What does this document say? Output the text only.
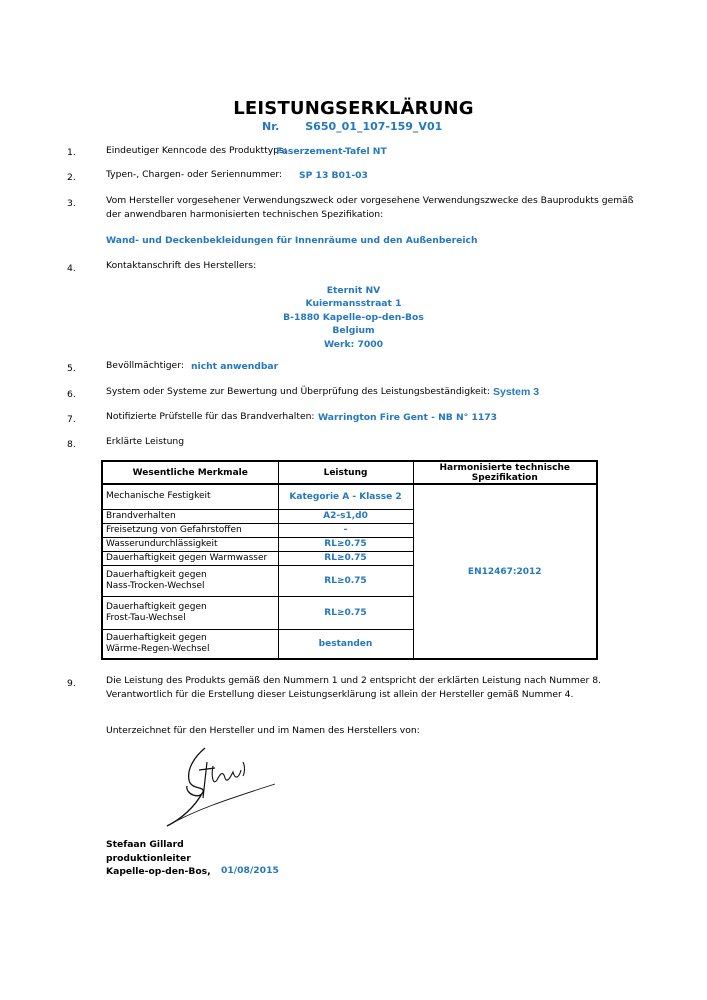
LEISTUNGSERKLÄRUNG
Nr. S650_01_107-159_V01
1.	Eindeutiger Kenncode des Produkttyps:
Faserzement-Tafel NT
2.	Typen-, Chargen- oder Seriennummer: SP 13 B01-03
3.	Vom Hersteller vorgesehener Verwendungszweck oder vorgesehene Verwendungszwecke des Bauprodukts gemäß
der anwendbaren harmonisierten technischen Spezifikation:
Wand- und Deckenbekleidungen für Innenräume und den Außenbereich
4.	Kontaktanschrift des Herstellers:
Eternit NV
Kuiermansstraat 1
B-1880 Kapelle-op-den-Bos
Belgium
Werk: 7000
5.	Bevöllmächtiger: nicht anwendbar
6.	System oder Systeme zur Bewertung und Überprüfung des Leistungsbeständigkeit: System 3
7.	Notifizierte Prüfstelle für das Brandverhalten: Warrington Fire Gent - NB N° 1173
8.	Erklärte Leistung
Wesentliche Merkmale	Leistung	Harmonisierte technische Spezifikation
Mechanische Festigkeit	Kategorie A - Klasse 2	EN12467:2012
Brandverhalten	A2-s1,d0	
Freisetzung von Gefahrstoffen	-	
Wasserundurchlässigkeit	RL≥0.75	
Dauerhaftigkeit gegen Warmwasser	RL≥0.75	

Dauerhaftigkeit gegen
Nass-Trocken-Wechsel	RL≥0.75	

Dauerhaftigkeit gegen
Frost-Tau-Wechsel	RL≥0.75	

Dauerhaftigkeit gegen
Wärme-Regen-Wechsel	bestanden	
9.	Die Leistung des Produkts gemäß den Nummern 1 und 2 entspricht der erklärten Leistung nach Nummer 8.
Verantwortlich für die Erstellung dieser Leistungserklärung ist allein der Hersteller gemäß Nummer 4.
Unterzeichnet für den Hersteller und im Namen des Herstellers von:
Stefaan Gillard
produktionleiter
Kapelle-op-den-Bos, 01/08/2015
